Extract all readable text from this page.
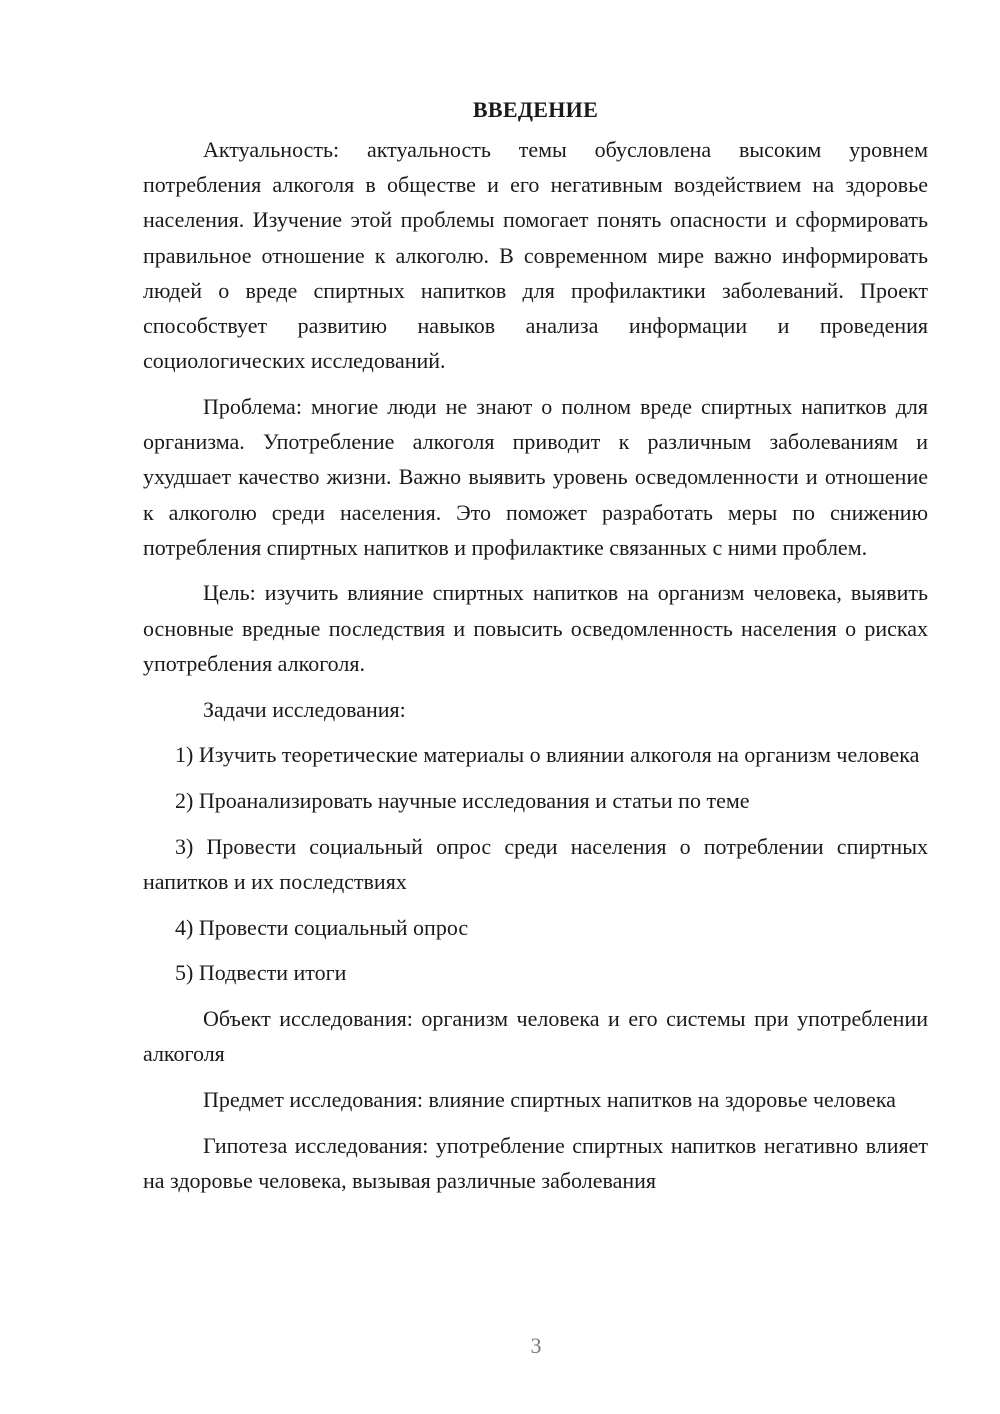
ВВЕДЕНИЕ

Актуальность: актуальность темы обусловлена высоким уровнем потребления алкоголя в обществе и его негативным воздействием на здоровье населения. Изучение этой проблемы помогает понять опасности и сформировать правильное отношение к алкоголю. В современном мире важно информировать людей о вреде спиртных напитков для профилактики заболеваний. Проект способствует развитию навыков анализа информации и проведения социологических исследований.

Проблема: многие люди не знают о полном вреде спиртных напитков для организма. Употребление алкоголя приводит к различным заболеваниям и ухудшает качество жизни. Важно выявить уровень осведомленности и отношение к алкоголю среди населения. Это поможет разработать меры по снижению потребления спиртных напитков и профилактике связанных с ними проблем.

Цель: изучить влияние спиртных напитков на организм человека, выявить основные вредные последствия и повысить осведомленность населения о рисках употребления алкоголя.

Задачи исследования:

1) Изучить теоретические материалы о влиянии алкоголя на организм человека

2) Проанализировать научные исследования и статьи по теме

3) Провести социальный опрос среди населения о потреблении спиртных напитков и их последствиях

4) Провести социальный опрос

5) Подвести итоги

Объект исследования: организм человека и его системы при употреблении алкоголя

Предмет исследования: влияние спиртных напитков на здоровье человека

Гипотеза исследования: употребление спиртных напитков негативно влияет на здоровье человека, вызывая различные заболевания

3
